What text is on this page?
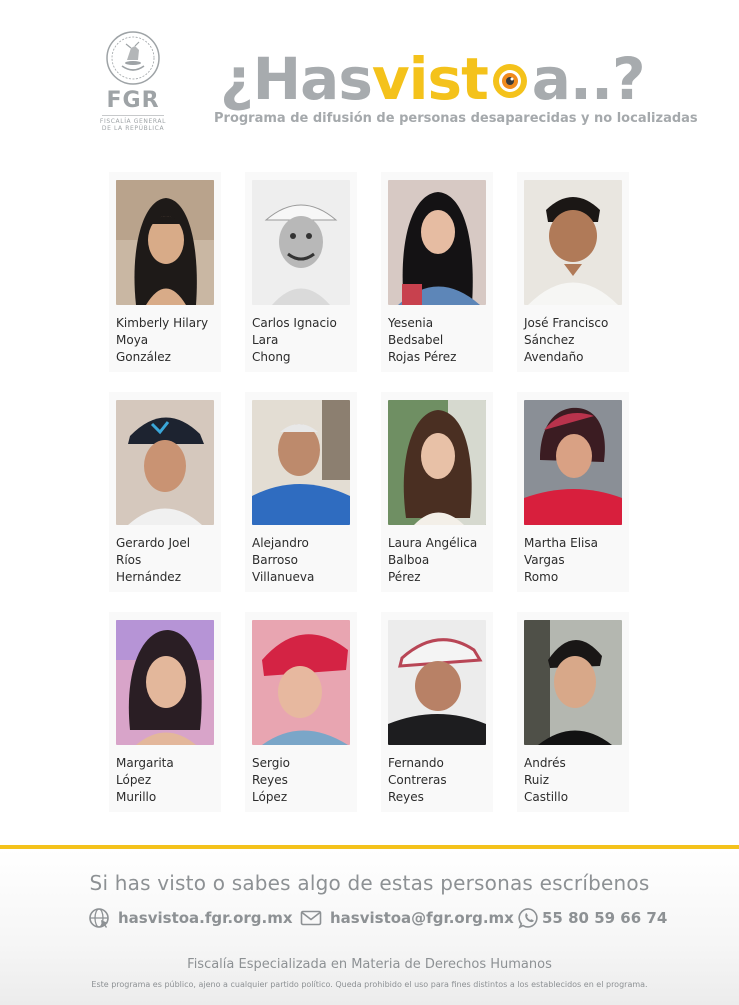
FGR
FISCALÍA GENERAL DE LA REPÚBLICA
¿Hasvist a..?
Programa de difusión de personas desaparecidas y no localizadas
Kimberly Hilary
Moya
González
Carlos Ignacio
Lara
Chong
Yesenia
Bedsabel
Rojas Pérez
José Francisco
Sánchez
Avendaño
Gerardo Joel
Ríos
Hernández
Alejandro
Barroso
Villanueva
Laura Angélica
Balboa
Pérez
Martha Elisa
Vargas
Romo
Margarita
López
Murillo
Sergio
Reyes
López
Fernando
Contreras
Reyes
Andrés
Ruiz
Castillo
Si has visto o sabes algo de estas personas escríbenos
hasvistoa.fgr.org.mx hasvistoa@fgr.org.mx 55 80 59 66 74
Fiscalía Especializada en Materia de Derechos Humanos
Este programa es público, ajeno a cualquier partido político. Queda prohibido el uso para fines distintos a los establecidos en el programa.
